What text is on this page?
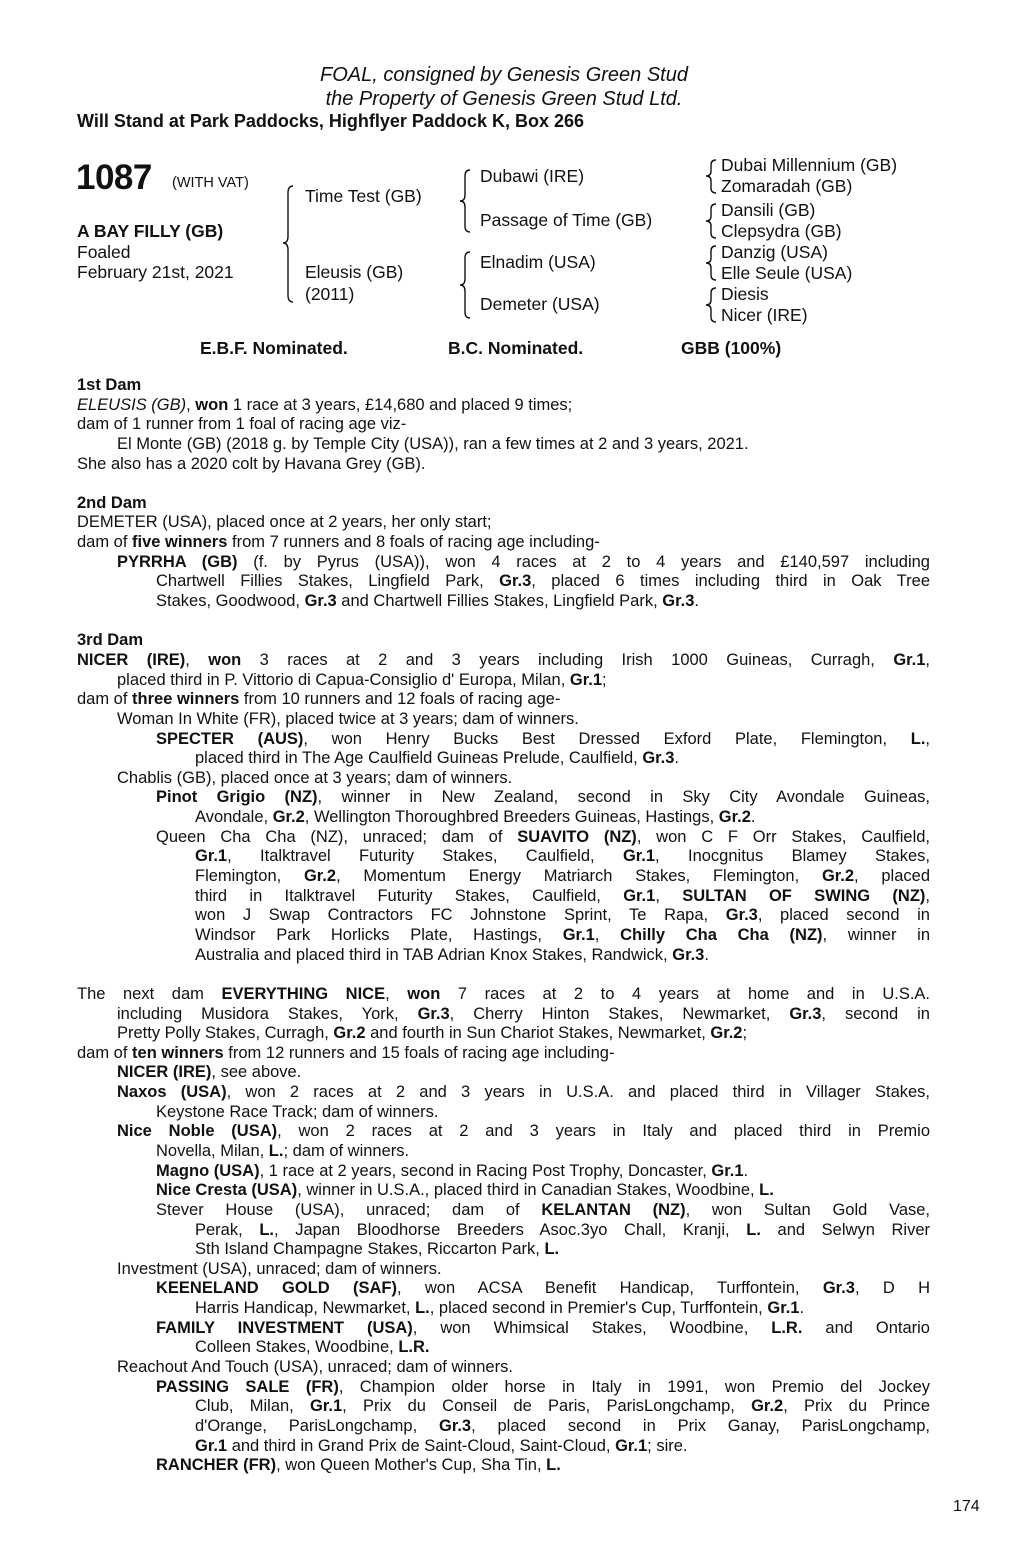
FOAL, consigned by Genesis Green Stud
the Property of Genesis Green Stud Ltd.
Will Stand at Park Paddocks, Highflyer Paddock K, Box 266
1087 (WITH VAT)
A BAY FILLY (GB)
Foaled
February 21st, 2021
Time Test (GB)
Eleusis (GB)
(2011)
Dubawi (IRE)
Passage of Time (GB)
Elnadim (USA)
Demeter (USA)
Dubai Millennium (GB)
Zomaradah (GB)
Dansili (GB)
Clepsydra (GB)
Danzig (USA)
Elle Seule (USA)
Diesis
Nicer (IRE)
E.B.F. Nominated.	B.C. Nominated.	GBB (100%)
1st Dam
ELEUSIS (GB), won 1 race at 3 years, £14,680 and placed 9 times;
dam of 1 runner from 1 foal of racing age viz-
El Monte (GB) (2018 g. by Temple City (USA)), ran a few times at 2 and 3 years, 2021.
She also has a 2020 colt by Havana Grey (GB).
2nd Dam
DEMETER (USA), placed once at 2 years, her only start;
dam of five winners from 7 runners and 8 foals of racing age including-
PYRRHA (GB) (f. by Pyrus (USA)), won 4 races at 2 to 4 years and £140,597 including
Chartwell Fillies Stakes, Lingfield Park, Gr.3, placed 6 times including third in Oak Tree
Stakes, Goodwood, Gr.3 and Chartwell Fillies Stakes, Lingfield Park, Gr.3.
3rd Dam
NICER (IRE), won 3 races at 2 and 3 years including Irish 1000 Guineas, Curragh, Gr.1,
placed third in P. Vittorio di Capua-Consiglio d' Europa, Milan, Gr.1;
dam of three winners from 10 runners and 12 foals of racing age-
Woman In White (FR), placed twice at 3 years; dam of winners.
SPECTER (AUS), won Henry Bucks Best Dressed Exford Plate, Flemington, L.,
placed third in The Age Caulfield Guineas Prelude, Caulfield, Gr.3.
Chablis (GB), placed once at 3 years; dam of winners.
Pinot Grigio (NZ), winner in New Zealand, second in Sky City Avondale Guineas,
Avondale, Gr.2, Wellington Thoroughbred Breeders Guineas, Hastings, Gr.2.
Queen Cha Cha (NZ), unraced; dam of SUAVITO (NZ), won C F Orr Stakes, Caulfield,
Gr.1, Italktravel Futurity Stakes, Caulfield, Gr.1, Inocgnitus Blamey Stakes,
Flemington, Gr.2, Momentum Energy Matriarch Stakes, Flemington, Gr.2, placed
third in Italktravel Futurity Stakes, Caulfield, Gr.1, SULTAN OF SWING (NZ),
won J Swap Contractors FC Johnstone Sprint, Te Rapa, Gr.3, placed second in
Windsor Park Horlicks Plate, Hastings, Gr.1, Chilly Cha Cha (NZ), winner in
Australia and placed third in TAB Adrian Knox Stakes, Randwick, Gr.3.
The next dam EVERYTHING NICE, won 7 races at 2 to 4 years at home and in U.S.A.
including Musidora Stakes, York, Gr.3, Cherry Hinton Stakes, Newmarket, Gr.3, second in
Pretty Polly Stakes, Curragh, Gr.2 and fourth in Sun Chariot Stakes, Newmarket, Gr.2;
dam of ten winners from 12 runners and 15 foals of racing age including-
NICER (IRE), see above.
Naxos (USA), won 2 races at 2 and 3 years in U.S.A. and placed third in Villager Stakes,
Keystone Race Track; dam of winners.
Nice Noble (USA), won 2 races at 2 and 3 years in Italy and placed third in Premio
Novella, Milan, L.; dam of winners.
Magno (USA), 1 race at 2 years, second in Racing Post Trophy, Doncaster, Gr.1.
Nice Cresta (USA), winner in U.S.A., placed third in Canadian Stakes, Woodbine, L.
Stever House (USA), unraced; dam of KELANTAN (NZ), won Sultan Gold Vase,
Perak, L., Japan Bloodhorse Breeders Asoc.3yo Chall, Kranji, L. and Selwyn River
Sth Island Champagne Stakes, Riccarton Park, L.
Investment (USA), unraced; dam of winners.
KEENELAND GOLD (SAF), won ACSA Benefit Handicap, Turffontein, Gr.3, D H
Harris Handicap, Newmarket, L., placed second in Premier's Cup, Turffontein, Gr.1.
FAMILY INVESTMENT (USA), won Whimsical Stakes, Woodbine, L.R. and Ontario
Colleen Stakes, Woodbine, L.R.
Reachout And Touch (USA), unraced; dam of winners.
PASSING SALE (FR), Champion older horse in Italy in 1991, won Premio del Jockey
Club, Milan, Gr.1, Prix du Conseil de Paris, ParisLongchamp, Gr.2, Prix du Prince
d'Orange, ParisLongchamp, Gr.3, placed second in Prix Ganay, ParisLongchamp,
Gr.1 and third in Grand Prix de Saint-Cloud, Saint-Cloud, Gr.1; sire.
RANCHER (FR), won Queen Mother's Cup, Sha Tin, L.
174
